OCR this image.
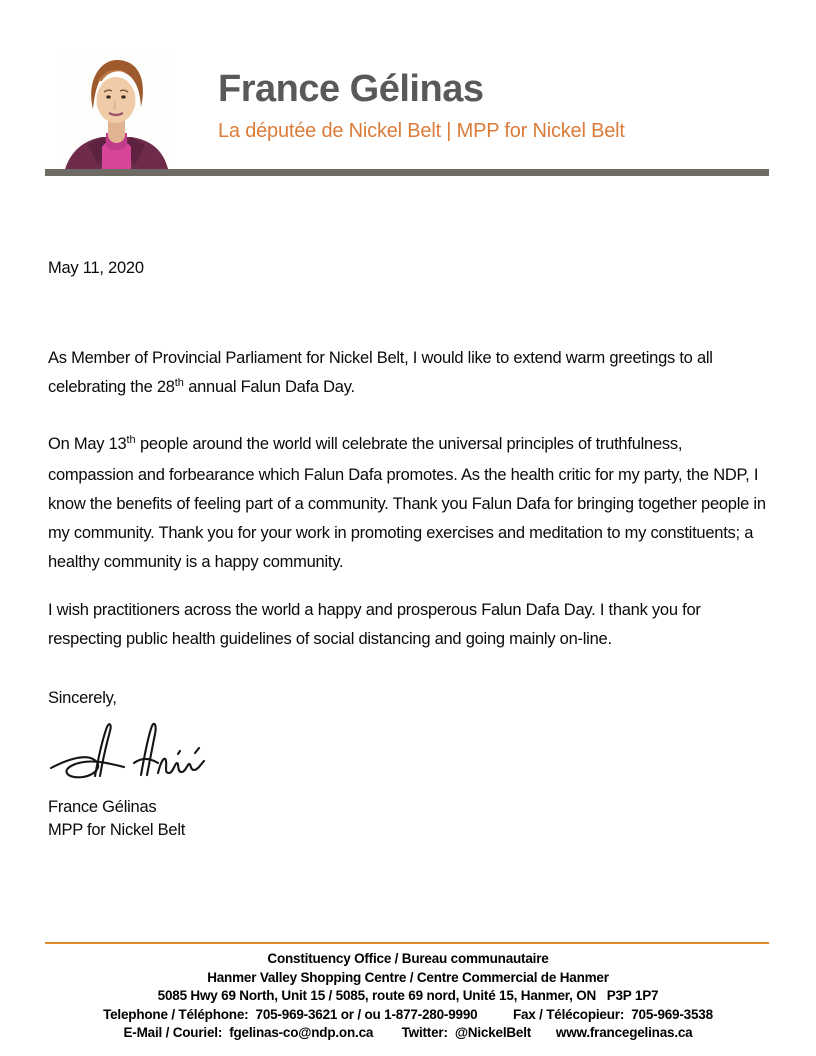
France Gélinas
La députée de Nickel Belt | MPP for Nickel Belt
May 11, 2020
As Member of Provincial Parliament for Nickel Belt, I would like to extend warm greetings to all celebrating the 28th annual Falun Dafa Day.
On May 13th people around the world will celebrate the universal principles of truthfulness, compassion and forbearance which Falun Dafa promotes. As the health critic for my party, the NDP, I know the benefits of feeling part of a community. Thank you Falun Dafa for bringing together people in my community. Thank you for your work in promoting exercises and meditation to my constituents; a healthy community is a happy community.
I wish practitioners across the world a happy and prosperous Falun Dafa Day. I thank you for respecting public health guidelines of social distancing and going mainly on-line.
Sincerely,
France Gélinas
MPP for Nickel Belt
Constituency Office / Bureau communautaire
Hanmer Valley Shopping Centre / Centre Commercial de Hanmer
5085 Hwy 69 North, Unit 15 / 5085, route 69 nord, Unité 15, Hanmer, ON   P3P 1P7
Telephone / Téléphone:  705-969-3621 or / ou 1-877-280-9990          Fax / Télécopieur:  705-969-3538
E-Mail / Couriel:  fgelinas-co@ndp.on.ca        Twitter:  @NickelBelt       www.francegelinas.ca
